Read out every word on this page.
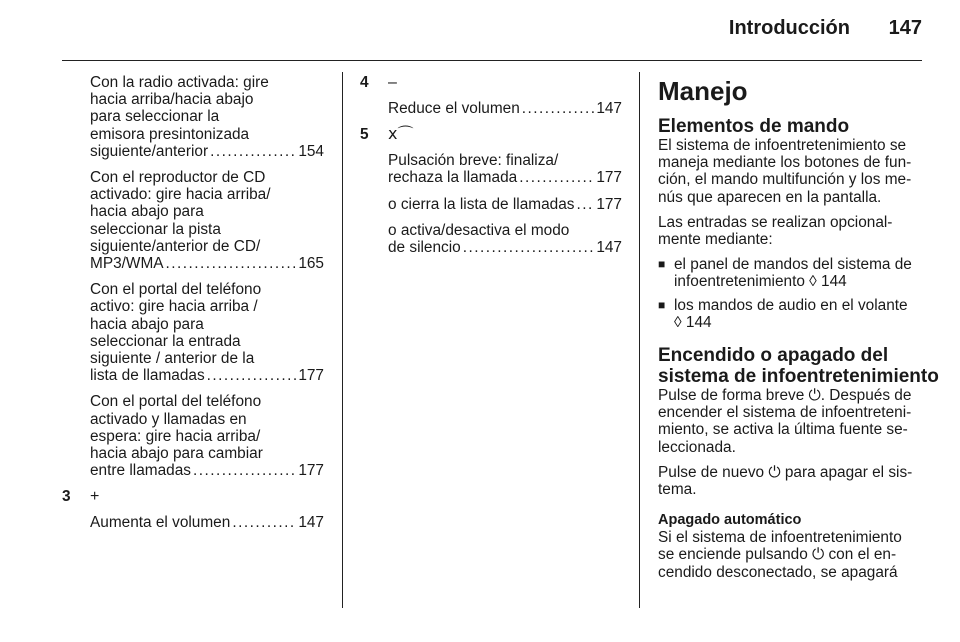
Introducción	147
Con la radio activada: gire
hacia arriba/hacia abajo
para seleccionar la
emisora presintonizada
siguiente/anterior . . .	154
Con el reproductor de CD
activado: gire hacia arriba/
hacia abajo para
seleccionar la pista
siguiente/anterior de CD/
MP3/WMA . . .	165
Con el portal del teléfono
activo: gire hacia arriba /
hacia abajo para
seleccionar la entrada
siguiente / anterior de la
lista de llamadas . . .	177
Con el portal del teléfono
activado y llamadas en
espera: gire hacia arriba/
hacia abajo para cambiar
entre llamadas . . .	177
3 +
Aumenta el volumen . . .	147
4 –
Reduce el volumen . . .	147
5 ⅹ⌒
Pulsación breve: finaliza/
rechaza la llamada . . .	177
o cierra la lista de llamadas . . . 177
o activa/desactiva el modo
de silencio . . .	147
Manejo
Elementos de mando
El sistema de infoentretenimiento se
maneja mediante los botones de fun-
ción, el mando multifunción y los me-
nús que aparecen en la pantalla.
Las entradas se realizan opcional-
mente mediante:
■ el panel de mandos del sistema de
infoentretenimiento ◊ 144
■ los mandos de audio en el volante
◊ 144
Encendido o apagado del
sistema de infoentretenimiento
Pulse de forma breve ⏻. Después de
encender el sistema de infoentreteni-
miento, se activa la última fuente se-
leccionada.
Pulse de nuevo ⏻ para apagar el sis-
tema.
Apagado automático
Si el sistema de infoentretenimiento
se enciende pulsando ⏻ con el en-
cendido desconectado, se apagará
